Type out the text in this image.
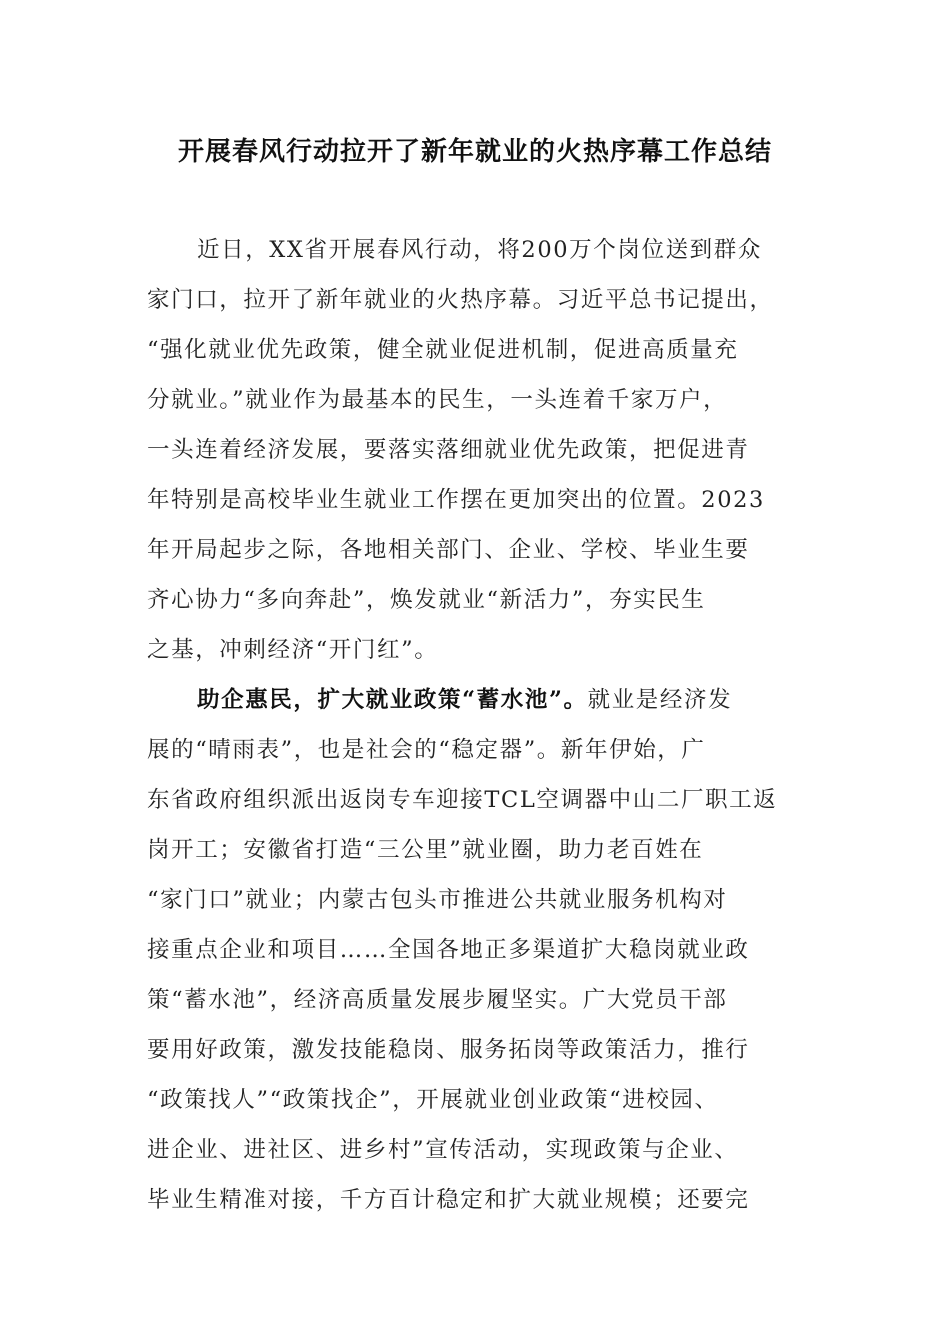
开展春风行动拉开了新年就业的火热序幕工作总结
近日，XX省开展春风行动，将200万个岗位送到群众
家门口，拉开了新年就业的火热序幕。习近平总书记提出，
“强化就业优先政策，健全就业促进机制，促进高质量充
分就业。”就业作为最基本的民生，一头连着千家万户，
一头连着经济发展，要落实落细就业优先政策，把促进青
年特别是高校毕业生就业工作摆在更加突出的位置。2023
年开局起步之际，各地相关部门、企业、学校、毕业生要
齐心协力“多向奔赴”，焕发就业“新活力”，夯实民生
之基，冲刺经济“开门红”。
助企惠民，扩大就业政策“蓄水池”。就业是经济发
展的“晴雨表”，也是社会的“稳定器”。新年伊始，广
东省政府组织派出返岗专车迎接TCL空调器中山二厂职工返
岗开工；安徽省打造“三公里”就业圈，助力老百姓在
“家门口”就业；内蒙古包头市推进公共就业服务机构对
接重点企业和项目……全国各地正多渠道扩大稳岗就业政
策“蓄水池”，经济高质量发展步履坚实。广大党员干部
要用好政策，激发技能稳岗、服务拓岗等政策活力，推行
“政策找人”“政策找企”，开展就业创业政策“进校园、
进企业、进社区、进乡村”宣传活动，实现政策与企业、
毕业生精准对接，千方百计稳定和扩大就业规模；还要完
